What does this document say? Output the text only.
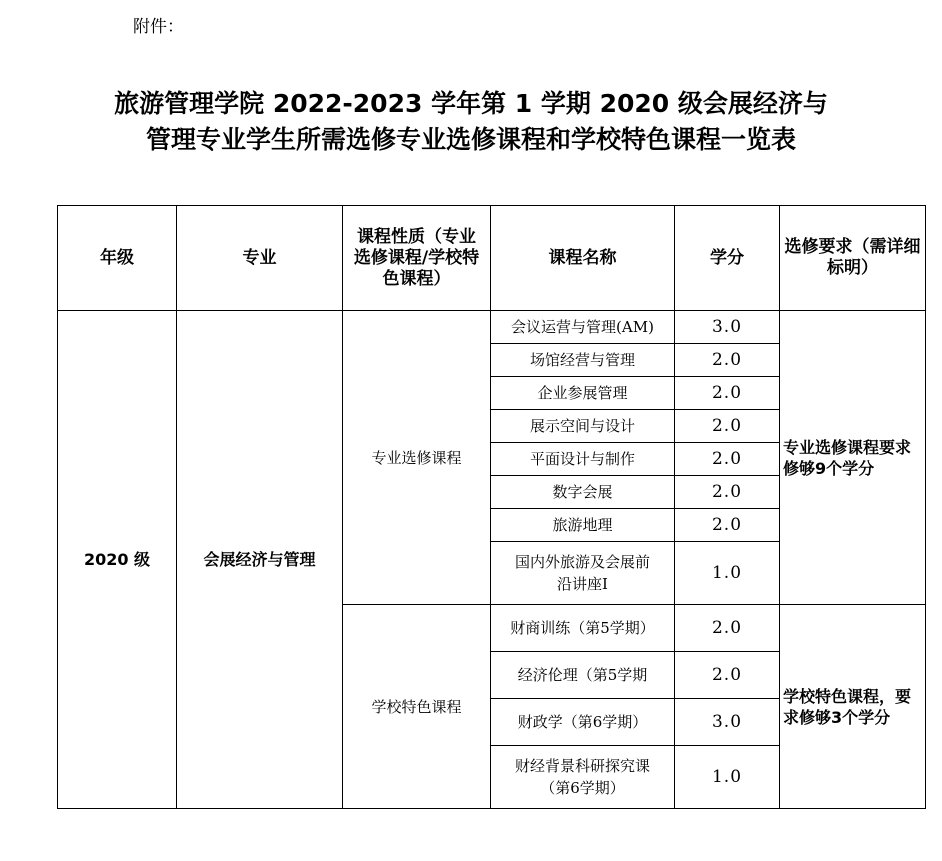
附件：
旅游管理学院 2022-2023 学年第 1 学期 2020 级会展经济与
管理专业学生所需选修专业选修课程和学校特色课程一览表
年级	专业	课程性质（专业选修课程/学校特色课程）	课程名称	学分	选修要求（需详细标明）
2020 级	会展经济与管理	专业选修课程	会议运营与管理(AM)	3.0	专业选修课程要求修够9个学分
			场馆经营与管理	2.0	
			企业参展管理	2.0	
			展示空间与设计	2.0	
			平面设计与制作	2.0	
			数字会展	2.0	
			旅游地理	2.0	
			国内外旅游及会展前沿讲座Ⅰ	1.0	
		学校特色课程	财商训练（第5学期）	2.0	学校特色课程，要求修够3个学分
			经济伦理（第5学期	2.0	
			财政学（第6学期）	3.0	
			财经背景科研探究课（第6学期）	1.0	
